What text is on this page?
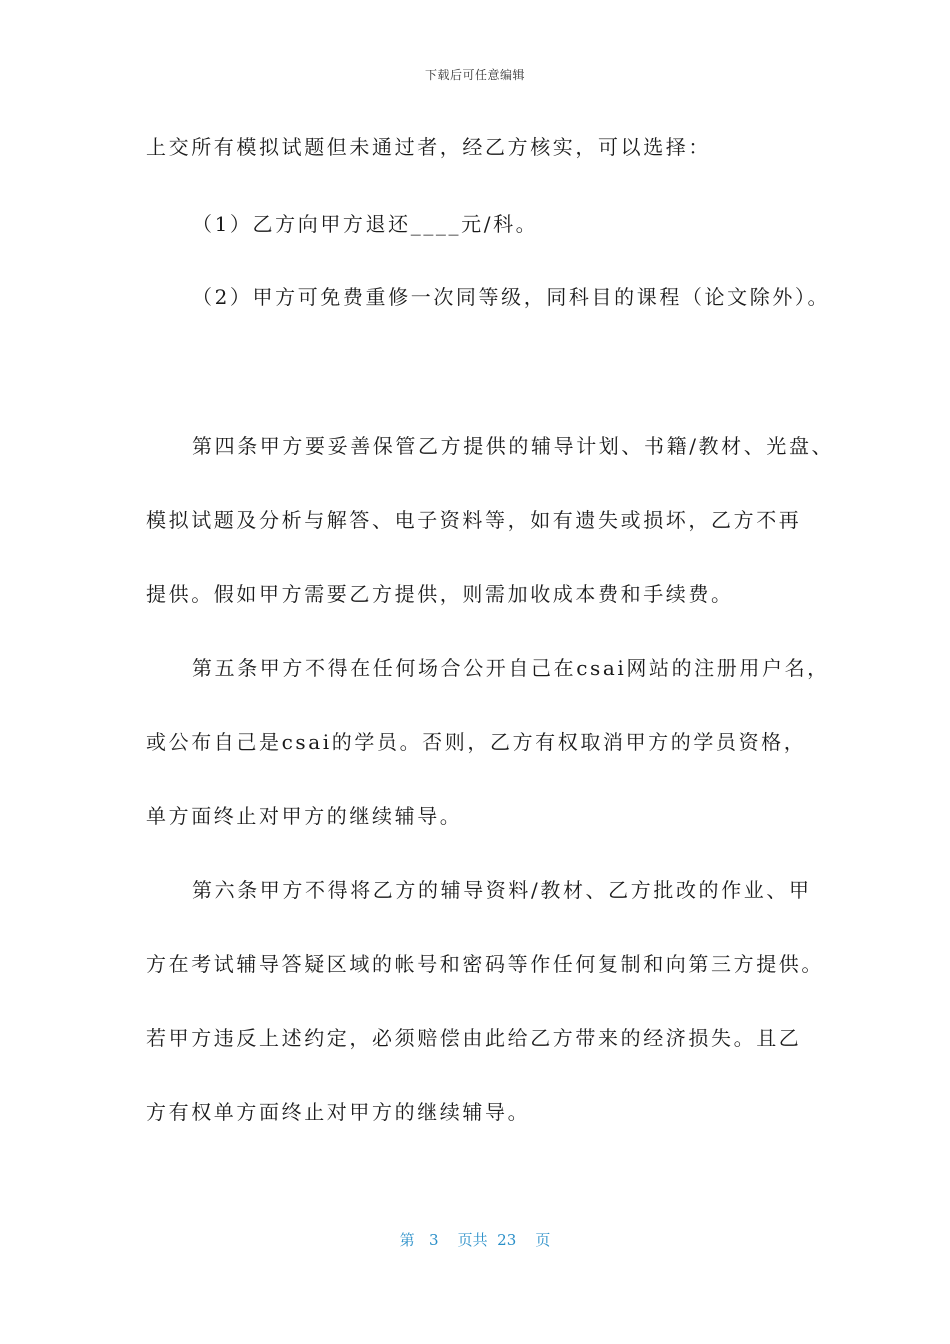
下载后可任意编辑
上交所有模拟试题但未通过者，经乙方核实，可以选择：
（1）乙方向甲方退还____元/科。
（2）甲方可免费重修一次同等级，同科目的课程（论文除外）。
第四条甲方要妥善保管乙方提供的辅导计划、书籍/教材、光盘、
模拟试题及分析与解答、电子资料等，如有遗失或损坏，乙方不再
提供。假如甲方需要乙方提供，则需加收成本费和手续费。
第五条甲方不得在任何场合公开自己在csai网站的注册用户名，
或公布自己是csai的学员。否则，乙方有权取消甲方的学员资格，
单方面终止对甲方的继续辅导。
第六条甲方不得将乙方的辅导资料/教材、乙方批改的作业、甲
方在考试辅导答疑区域的帐号和密码等作任何复制和向第三方提供。
若甲方违反上述约定，必须赔偿由此给乙方带来的经济损失。且乙
方有权单方面终止对甲方的继续辅导。
第 3 页共 23 页
